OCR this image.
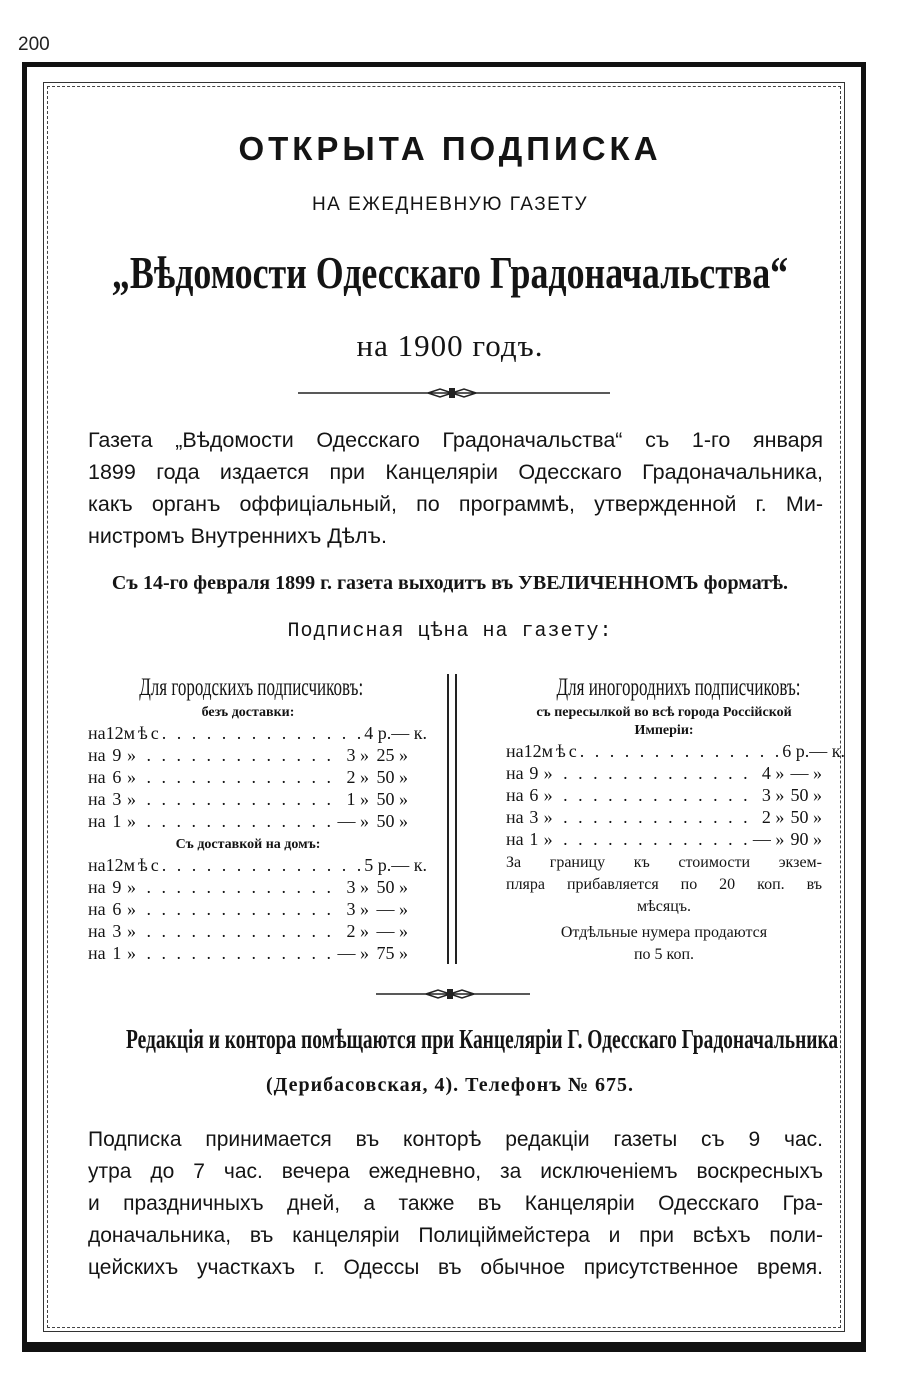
200
ОТКРЫТА ПОДПИСКА
НА ЕЖЕДНЕВНУЮ ГАЗЕТУ
„Вѣдомости Одесскаго Градоначальства“
на 1900 годъ.
Газета „Вѣдомости Одесскаго Градоначальства“ съ 1-го января
1899 года издается при Канцеляріи Одесскаго Градоначальника,
какъ органъ оффиціальный, по программѣ, утвержденной г. Ми-
нистромъ Внутреннихъ Дѣлъ.
Съ 14-го февраля 1899 г. газета выходитъ въ УВЕЛИЧЕННОМЪ форматѣ.
Подписная цѣна на газету:
Для городскихъ подписчиковъ:
безъ доставки:
на 12 мѣс. . . . . . . . . . . . . . 4 р. — к.
на 9 » . . . . . . . . . . . . . 3 » 25 »
на 6 » . . . . . . . . . . . . . 2 » 50 »
на 3 » . . . . . . . . . . . . . 1 » 50 »
на 1 » . . . . . . . . . . . . . — » 50 »
Съ доставкой на домъ:
на 12 мѣс. . . . . . . . . . . . . . 5 р. — к.
на 9 » . . . . . . . . . . . . . 3 » 50 »
на 6 » . . . . . . . . . . . . . 3 » — »
на 3 » . . . . . . . . . . . . . 2 » — »
на 1 » . . . . . . . . . . . . . — » 75 »
Для иногороднихъ подписчиковъ:
съ пересылкой во всѣ города Россійской
Имперіи:
на 12 мѣс. . . . . . . . . . . . . . 6 р. — к.
на 9 » . . . . . . . . . . . . . 4 » — »
на 6 » . . . . . . . . . . . . . 3 » 50 »
на 3 » . . . . . . . . . . . . . 2 » 50 »
на 1 » . . . . . . . . . . . . . — » 90 »
За границу къ стоимости экзем-
пляра прибавляется по 20 коп. въ
мѣсяцъ.
Отдѣльные нумера продаются
по 5 коп.
Редакція и контора помѣщаются при Канцеляріи Г. Одесскаго Градоначальника
(Дерибасовская, 4). Телефонъ № 675.
Подписка принимается въ конторѣ редакціи газеты съ 9 час.
утра до 7 час. вечера ежедневно, за исключеніемъ воскресныхъ
и праздничныхъ дней, а также въ Канцеляріи Одесскаго Гра-
доначальника, въ канцеляріи Полиціймейстера и при всѣхъ поли-
цейскихъ участкахъ г. Одессы въ обычное присутственное время.
